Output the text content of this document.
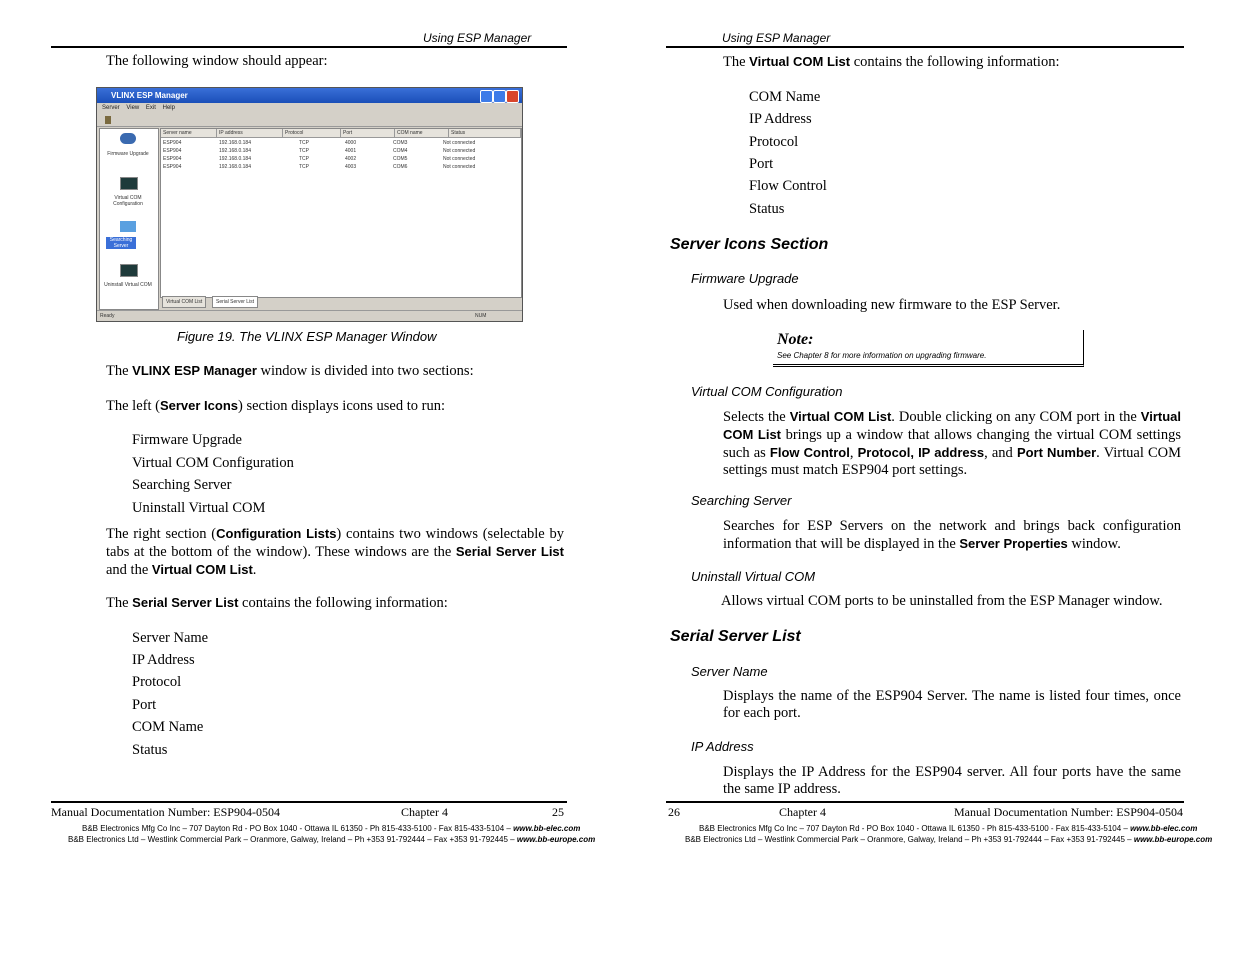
Using ESP Manager
The following window should appear:
VLINX ESP Manager
Server View Exit Help
Firmware Upgrade
Virtual COM Configuration
Searching Server
Uninstall Virtual COM
Server name	IP address	Protocol	Port	COM name	Status
ESP904	192.168.0.184	TCP	4000	COM3	Not connected
ESP904	192.168.0.184	TCP	4001	COM4	Not connected
ESP904	192.168.0.184	TCP	4002	COM5	Not connected
ESP904	192.168.0.184	TCP	4003	COM6	Not connected
Virtual COM List	Serial Server List
Ready	NUM
Figure 19. The VLINX ESP Manager Window
The VLINX ESP Manager window is divided into two sections:
The left (Server Icons) section displays icons used to run:
Firmware Upgrade
Virtual COM Configuration
Searching Server
Uninstall Virtual COM
The right section (Configuration Lists) contains two windows (selectable by tabs at the bottom of the window). These windows are the Serial Server List and the Virtual COM List.
The Serial Server List contains the following information:
Server Name
IP Address
Protocol
Port
COM Name
Status
Manual Documentation Number: ESP904-0504	Chapter 4	25
B&B Electronics Mfg Co Inc – 707 Dayton Rd - PO Box 1040 - Ottawa IL 61350 - Ph 815-433-5100 - Fax 815-433-5104 – www.bb-elec.com
B&B Electronics Ltd – Westlink Commercial Park – Oranmore, Galway, Ireland – Ph +353 91-792444 – Fax +353 91-792445 – www.bb-europe.com
Using ESP Manager
The Virtual COM List contains the following information:
COM Name
IP Address
Protocol
Port
Flow Control
Status
Server Icons Section
Firmware Upgrade
Used when downloading new firmware to the ESP Server.
Note:
See Chapter 8 for more information on upgrading firmware.
Virtual COM Configuration
Selects the Virtual COM List. Double clicking on any COM port in the Virtual COM List brings up a window that allows changing the virtual COM settings such as Flow Control, Protocol, IP address, and Port Number. Virtual COM settings must match ESP904 port settings.
Searching Server
Searches for ESP Servers on the network and brings back configuration information that will be displayed in the Server Properties window.
Uninstall Virtual COM
Allows virtual COM ports to be uninstalled from the ESP Manager window.
Serial Server List
Server Name
Displays the name of the ESP904 Server. The name is listed four times, once for each port.
IP Address
Displays the IP Address for the ESP904 server. All four ports have the same the same IP address.
26	Chapter 4	Manual Documentation Number: ESP904-0504
B&B Electronics Mfg Co Inc – 707 Dayton Rd - PO Box 1040 - Ottawa IL 61350 - Ph 815-433-5100 - Fax 815-433-5104 – www.bb-elec.com
B&B Electronics Ltd – Westlink Commercial Park – Oranmore, Galway, Ireland – Ph +353 91-792444 – Fax +353 91-792445 – www.bb-europe.com
